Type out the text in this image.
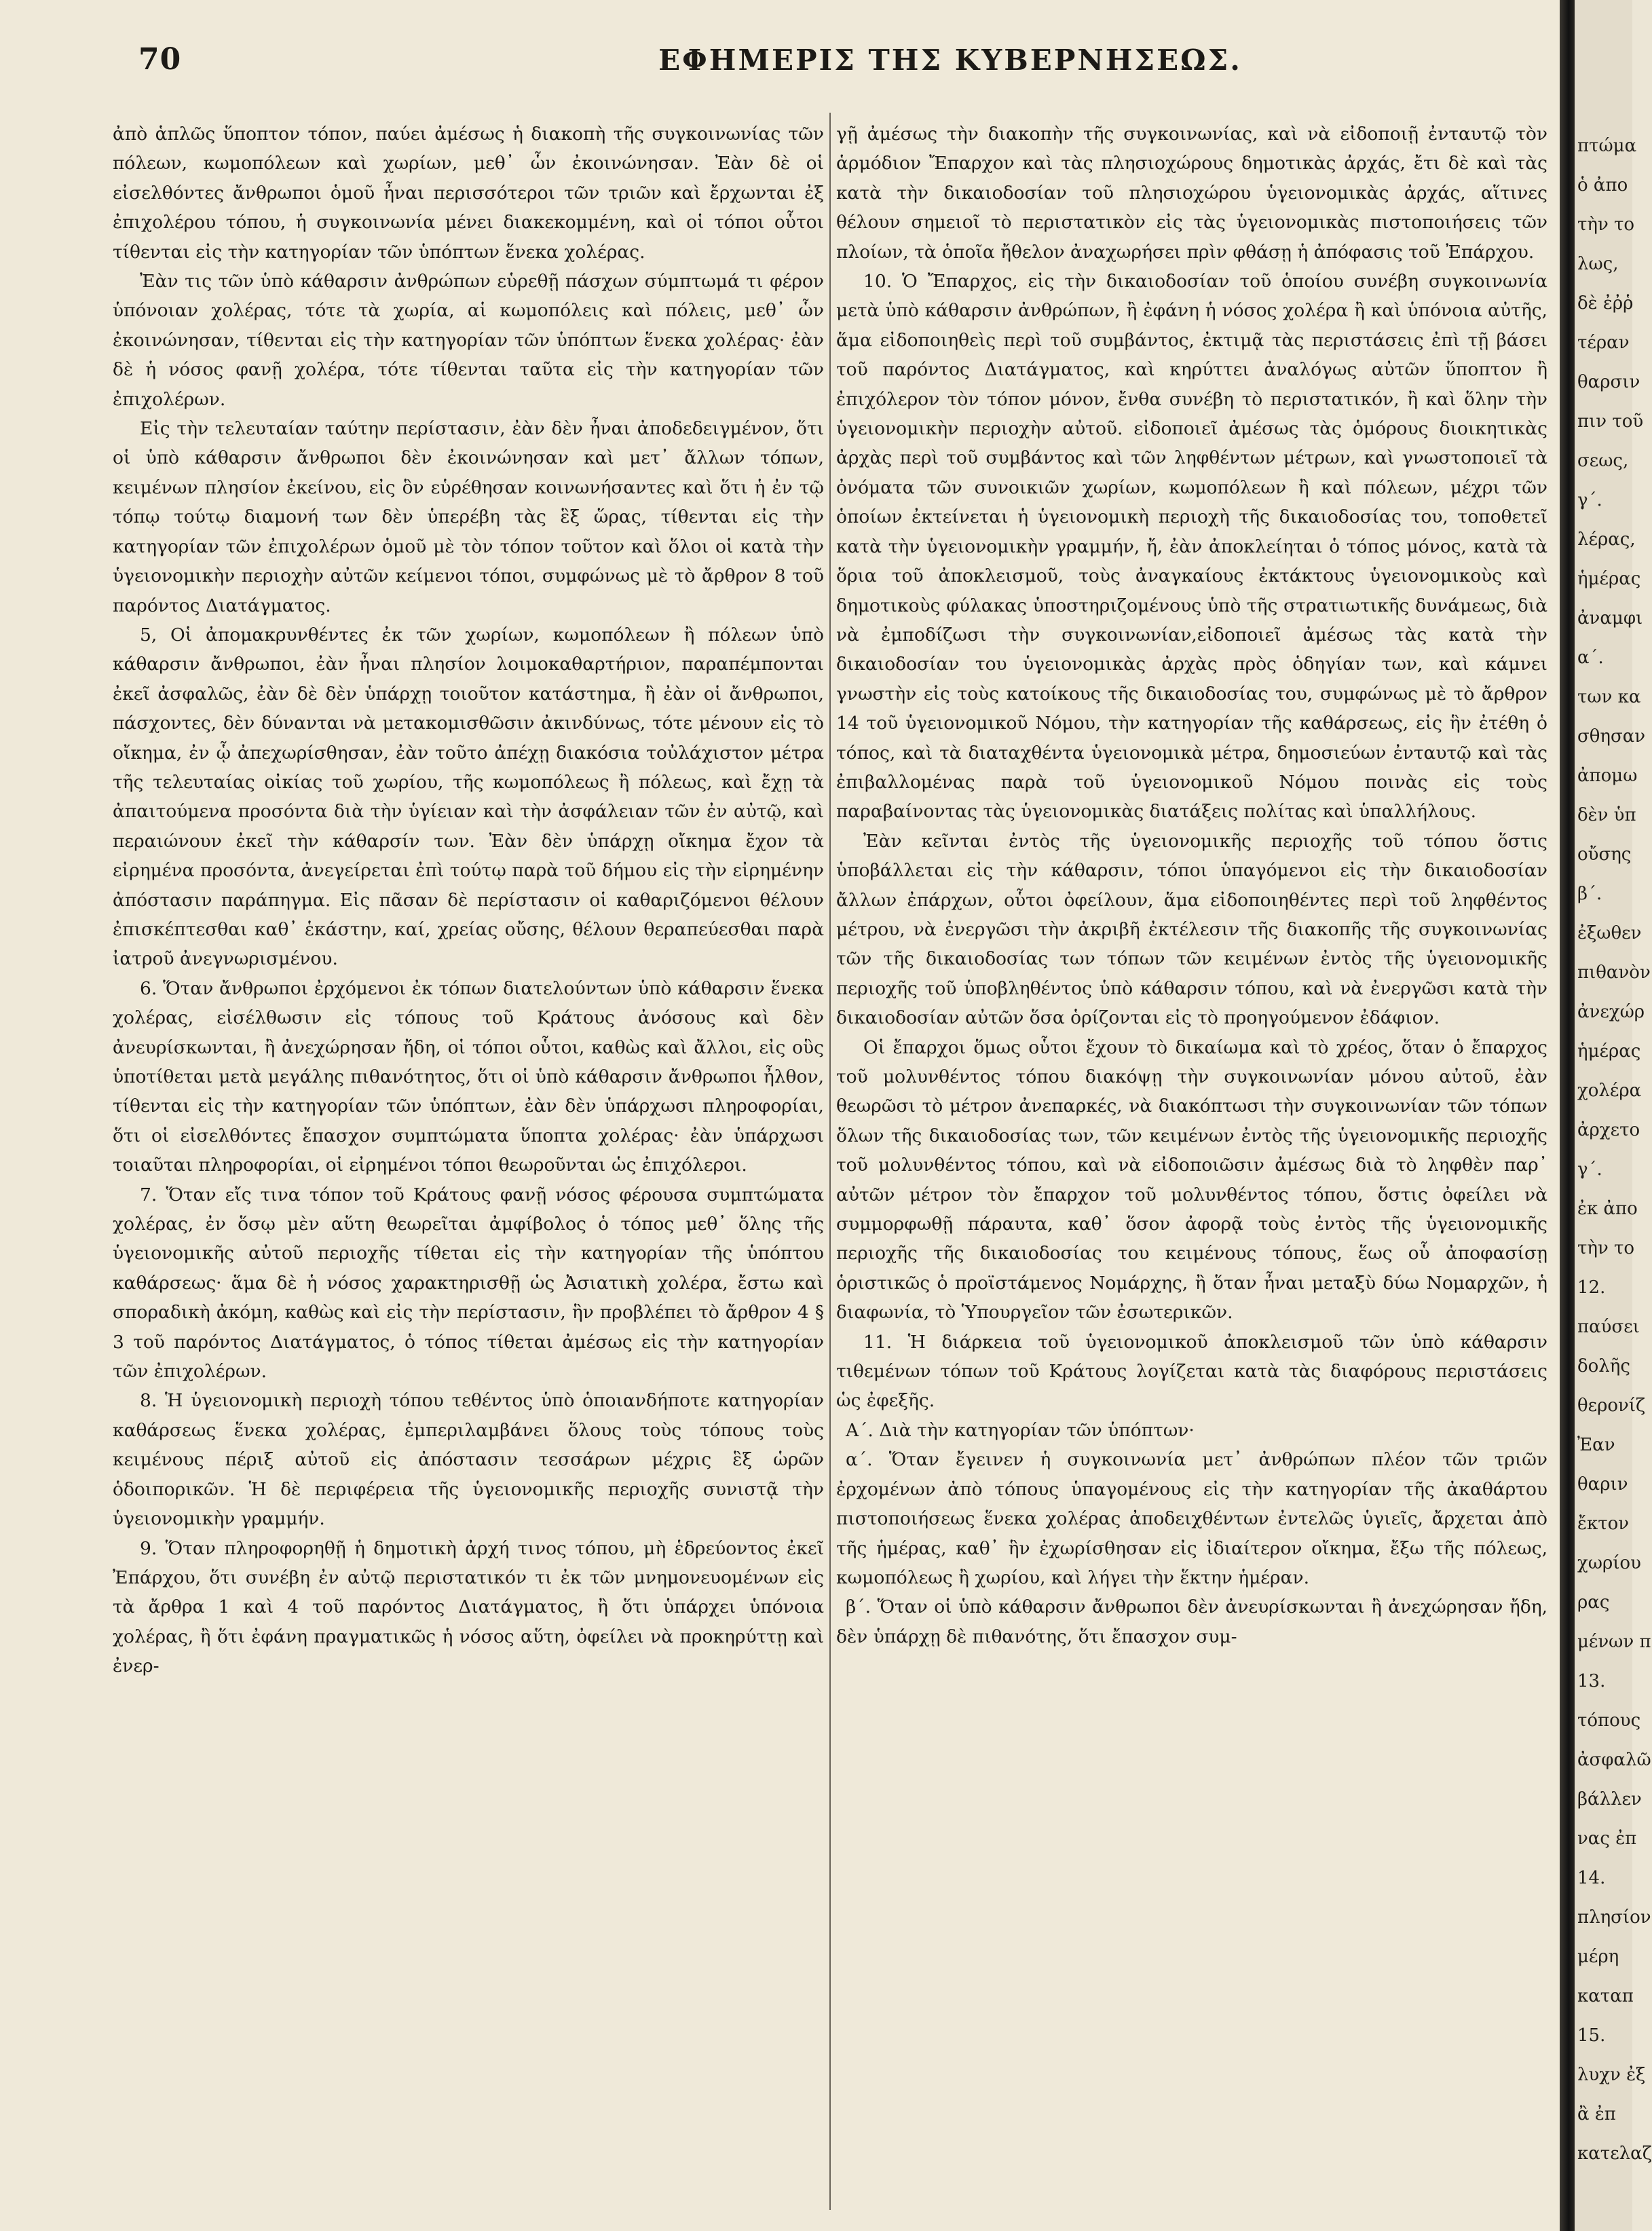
70	ΕΦΗΜΕΡΙΣ ΤΗΣ ΚΥΒΕΡΝΗΣΕΩΣ.

ἀπὸ ἁπλῶς ὕποπτον τόπον, παύει ἀμέσως ἡ διακοπὴ τῆς συγκοινωνίας τῶν πόλεων, κωμοπόλεων καὶ χωρίων, μεθ᾽ ὧν ἐκοινώνησαν. Ἐὰν δὲ οἱ εἰσελθόντες ἄνθρωποι ὁμοῦ ἦναι περισσότεροι τῶν τριῶν καὶ ἔρχωνται ἐξ ἐπιχολέρου τόπου, ἡ συγκοινωνία μένει διακεκομμένη, καὶ οἱ τόποι οὗτοι τίθενται εἰς τὴν κατηγορίαν τῶν ὑπόπτων ἕνεκα χολέρας.

Ἐὰν τις τῶν ὑπὸ κάθαρσιν ἀνθρώπων εὑρεθῇ πάσχων σύμπτωμά τι φέρον ὑπόνοιαν χολέρας, τότε τὰ χωρία, αἱ κωμοπόλεις καὶ πόλεις, μεθ᾽ ὧν ἐκοινώνησαν, τίθενται εἰς τὴν κατηγορίαν τῶν ὑπόπτων ἕνεκα χολέρας· ἐὰν δὲ ἡ νόσος φανῇ χολέρα, τότε τίθενται ταῦτα εἰς τὴν κατηγορίαν τῶν ἐπιχολέρων.

Εἰς τὴν τελευταίαν ταύτην περίστασιν, ἐὰν δὲν ἦναι ἀποδεδειγμένον, ὅτι οἱ ὑπὸ κάθαρσιν ἄνθρωποι δὲν ἐκοινώνησαν καὶ μετ᾽ ἄλλων τόπων, κειμένων πλησίον ἐκείνου, εἰς ὃν εὑρέθησαν κοινωνήσαντες καὶ ὅτι ἡ ἐν τῷ τόπῳ τούτῳ διαμονή των δὲν ὑπερέβη τὰς ἓξ ὥρας, τίθενται εἰς τὴν κατηγορίαν τῶν ἐπιχολέρων ὁμοῦ μὲ τὸν τόπον τοῦτον καὶ ὅλοι οἱ κατὰ τὴν ὑγειονομικὴν περιοχὴν αὐτῶν κείμενοι τόποι, συμφώνως μὲ τὸ ἄρθρον 8 τοῦ παρόντος Διατάγματος.

5, Οἱ ἀπομακρυνθέντες ἐκ τῶν χωρίων, κωμοπόλεων ἢ πόλεων ὑπὸ κάθαρσιν ἄνθρωποι, ἐὰν ἦναι πλησίον λοιμοκαθαρτήριον, παραπέμπονται ἐκεῖ ἀσφαλῶς, ἐὰν δὲ δὲν ὑπάρχῃ τοιοῦτον κατάστημα, ἢ ἐὰν οἱ ἄνθρωποι, πάσχοντες, δὲν δύνανται νὰ μετακομισθῶσιν ἀκινδύνως, τότε μένουν εἰς τὸ οἴκημα, ἐν ᾧ ἀπεχωρίσθησαν, ἐὰν τοῦτο ἀπέχῃ διακόσια τοὐλάχιστον μέτρα τῆς τελευταίας οἰκίας τοῦ χωρίου, τῆς κωμοπόλεως ἢ πόλεως, καὶ ἔχῃ τὰ ἀπαιτούμενα προσόντα διὰ τὴν ὑγίειαν καὶ τὴν ἀσφάλειαν τῶν ἐν αὐτῷ, καὶ περαιώνουν ἐκεῖ τὴν κάθαρσίν των. Ἐὰν δὲν ὑπάρχῃ οἴκημα ἔχον τὰ εἰρημένα προσόντα, ἀνεγείρεται ἐπὶ τούτῳ παρὰ τοῦ δήμου εἰς τὴν εἰρημένην ἀπόστασιν παράπηγμα. Εἰς πᾶσαν δὲ περίστασιν οἱ καθαριζόμενοι θέλουν ἐπισκέπτεσθαι καθ᾽ ἑκάστην, καί, χρείας οὔσης, θέλουν θεραπεύεσθαι παρὰ ἰατροῦ ἀνεγνωρισμένου.

6. Ὅταν ἄνθρωποι ἐρχόμενοι ἐκ τόπων διατελούντων ὑπὸ κάθαρσιν ἕνεκα χολέρας, εἰσέλθωσιν εἰς τόπους τοῦ Κράτους ἀνόσους καὶ δὲν ἀνευρίσκωνται, ἢ ἀνεχώρησαν ἤδη, οἱ τόποι οὗτοι, καθὼς καὶ ἄλλοι, εἰς οὓς ὑποτίθεται μετὰ μεγάλης πιθανότητος, ὅτι οἱ ὑπὸ κάθαρσιν ἄνθρωποι ἦλθον, τίθενται εἰς τὴν κατηγορίαν τῶν ὑπόπτων, ἐὰν δὲν ὑπάρχωσι πληροφορίαι, ὅτι οἱ εἰσελθόντες ἔπασχον συμπτώματα ὕποπτα χολέρας· ἐὰν ὑπάρχωσι τοιαῦται πληροφορίαι, οἱ εἰρημένοι τόποι θεωροῦνται ὡς ἐπιχόλεροι.

7. Ὅταν εἴς τινα τόπον τοῦ Κράτους φανῇ νόσος φέρουσα συμπτώματα χολέρας, ἐν ὅσῳ μὲν αὕτη θεωρεῖται ἀμφίβολος ὁ τόπος μεθ᾽ ὅλης τῆς ὑγειονομικῆς αὐτοῦ περιοχῆς τίθεται εἰς τὴν κατηγορίαν τῆς ὑπόπτου καθάρσεως· ἅμα δὲ ἡ νόσος χαρακτηρισθῇ ὡς Ἀσιατικὴ χολέρα, ἔστω καὶ σποραδικὴ ἀκόμη, καθὼς καὶ εἰς τὴν περίστασιν, ἣν προβλέπει τὸ ἄρθρον 4 § 3 τοῦ παρόντος Διατάγματος, ὁ τόπος τίθεται ἀμέσως εἰς τὴν κατηγορίαν τῶν ἐπιχολέρων.

8. Ἡ ὑγειονομικὴ περιοχὴ τόπου τεθέντος ὑπὸ ὁποιανδήποτε κατηγορίαν καθάρσεως ἕνεκα χολέρας, ἐμπεριλαμβάνει ὅλους τοὺς τόπους τοὺς κειμένους πέριξ αὐτοῦ εἰς ἀπόστασιν τεσσάρων μέχρις ἓξ ὡρῶν ὁδοιπορικῶν. Ἡ δὲ περιφέρεια τῆς ὑγειονομικῆς περιοχῆς συνιστᾷ τὴν ὑγειονομικὴν γραμμήν.

9. Ὅταν πληροφορηθῇ ἡ δημοτικὴ ἀρχή τινος τόπου, μὴ ἑδρεύοντος ἐκεῖ Ἐπάρχου, ὅτι συνέβη ἐν αὐτῷ περιστατικόν τι ἐκ τῶν μνημονευομένων εἰς τὰ ἄρθρα 1 καὶ 4 τοῦ παρόντος Διατάγματος, ἢ ὅτι ὑπάρχει ὑπόνοια χολέρας, ἢ ὅτι ἐφάνη πραγματικῶς ἡ νόσος αὕτη, ὀφείλει νὰ προκηρύττῃ καὶ ἐνερ-

γῇ ἀμέσως τὴν διακοπὴν τῆς συγκοινωνίας, καὶ νὰ εἰδοποιῇ ἐνταυτῷ τὸν ἁρμόδιον Ἔπαρχον καὶ τὰς πλησιοχώρους δημοτικὰς ἀρχάς, ἔτι δὲ καὶ τὰς κατὰ τὴν δικαιοδοσίαν τοῦ πλησιοχώρου ὑγειονομικὰς ἀρχάς, αἵτινες θέλουν σημειοῖ τὸ περιστατικὸν εἰς τὰς ὑγειονομικὰς πιστοποιήσεις τῶν πλοίων, τὰ ὁποῖα ἤθελον ἀναχωρήσει πρὶν φθάσῃ ἡ ἀπόφασις τοῦ Ἐπάρχου.

10. Ὁ Ἔπαρχος, εἰς τὴν δικαιοδοσίαν τοῦ ὁποίου συνέβη συγκοινωνία μετὰ ὑπὸ κάθαρσιν ἀνθρώπων, ἢ ἐφάνη ἡ νόσος χολέρα ἢ καὶ ὑπόνοια αὐτῆς, ἅμα εἰδοποιηθεὶς περὶ τοῦ συμβάντος, ἐκτιμᾷ τὰς περιστάσεις ἐπὶ τῇ βάσει τοῦ παρόντος Διατάγματος, καὶ κηρύττει ἀναλόγως αὐτῶν ὕποπτον ἢ ἐπιχόλερον τὸν τόπον μόνον, ἔνθα συνέβη τὸ περιστατικόν, ἢ καὶ ὅλην τὴν ὑγειονομικὴν περιοχὴν αὐτοῦ. εἰδοποιεῖ ἀμέσως τὰς ὁμόρους διοικητικὰς ἀρχὰς περὶ τοῦ συμβάντος καὶ τῶν ληφθέντων μέτρων, καὶ γνωστοποιεῖ τὰ ὀνόματα τῶν συνοικιῶν χωρίων, κωμοπόλεων ἢ καὶ πόλεων, μέχρι τῶν ὁποίων ἐκτείνεται ἡ ὑγειονομικὴ περιοχὴ τῆς δικαιοδοσίας του, τοποθετεῖ κατὰ τὴν ὑγειονομικὴν γραμμήν, ἤ, ἐὰν ἀποκλείηται ὁ τόπος μόνος, κατὰ τὰ ὅρια τοῦ ἀποκλεισμοῦ, τοὺς ἀναγκαίους ἐκτάκτους ὑγειονομικοὺς καὶ δημοτικοὺς φύλακας ὑποστηριζομένους ὑπὸ τῆς στρατιωτικῆς δυνάμεως, διὰ νὰ ἐμποδίζωσι τὴν συγκοινωνίαν,εἰδοποιεῖ ἀμέσως τὰς κατὰ τὴν δικαιοδοσίαν του ὑγειονομικὰς ἀρχὰς πρὸς ὁδηγίαν των, καὶ κάμνει γνωστὴν εἰς τοὺς κατοίκους τῆς δικαιοδοσίας του, συμφώνως μὲ τὸ ἄρθρον 14 τοῦ ὑγειονομικοῦ Νόμου, τὴν κατηγορίαν τῆς καθάρσεως, εἰς ἣν ἐτέθη ὁ τόπος, καὶ τὰ διαταχθέντα ὑγειονομικὰ μέτρα, δημοσιεύων ἐνταυτῷ καὶ τὰς ἐπιβαλλομένας παρὰ τοῦ ὑγειονομικοῦ Νόμου ποινὰς εἰς τοὺς παραβαίνοντας τὰς ὑγειονομικὰς διατάξεις πολίτας καὶ ὑπαλλήλους.

Ἐὰν κεῖνται ἐντὸς τῆς ὑγειονομικῆς περιοχῆς τοῦ τόπου ὅστις ὑποβάλλεται εἰς τὴν κάθαρσιν, τόποι ὑπαγόμενοι εἰς τὴν δικαιοδοσίαν ἄλλων ἐπάρχων, οὗτοι ὀφείλουν, ἅμα εἰδοποιηθέντες περὶ τοῦ ληφθέντος μέτρου, νὰ ἐνεργῶσι τὴν ἀκριβῆ ἐκτέλεσιν τῆς διακοπῆς τῆς συγκοινωνίας τῶν τῆς δικαιοδοσίας των τόπων τῶν κειμένων ἐντὸς τῆς ὑγειονομικῆς περιοχῆς τοῦ ὑποβληθέντος ὑπὸ κάθαρσιν τόπου, καὶ νὰ ἐνεργῶσι κατὰ τὴν δικαιοδοσίαν αὐτῶν ὅσα ὁρίζονται εἰς τὸ προηγούμενον ἐδάφιον.

Οἱ ἔπαρχοι ὅμως οὗτοι ἔχουν τὸ δικαίωμα καὶ τὸ χρέος, ὅταν ὁ ἔπαρχος τοῦ μολυνθέντος τόπου διακόψῃ τὴν συγκοινωνίαν μόνου αὐτοῦ, ἐὰν θεωρῶσι τὸ μέτρον ἀνεπαρκές, νὰ διακόπτωσι τὴν συγκοινωνίαν τῶν τόπων ὅλων τῆς δικαιοδοσίας των, τῶν κειμένων ἐντὸς τῆς ὑγειονομικῆς περιοχῆς τοῦ μολυνθέντος τόπου, καὶ νὰ εἰδοποιῶσιν ἀμέσως διὰ τὸ ληφθὲν παρ᾽ αὐτῶν μέτρον τὸν ἔπαρχον τοῦ μολυνθέντος τόπου, ὅστις ὀφείλει νὰ συμμορφωθῇ πάραυτα, καθ᾽ ὅσον ἀφορᾷ τοὺς ἐντὸς τῆς ὑγειονομικῆς περιοχῆς τῆς δικαιοδοσίας του κειμένους τόπους, ἕως οὗ ἀποφασίσῃ ὁριστικῶς ὁ προϊστάμενος Νομάρχης, ἢ ὅταν ἦναι μεταξὺ δύω Νομαρχῶν, ἡ διαφωνία, τὸ Ὑπουργεῖον τῶν ἐσωτερικῶν.

11. Ἡ διάρκεια τοῦ ὑγειονομικοῦ ἀποκλεισμοῦ τῶν ὑπὸ κάθαρσιν τιθεμένων τόπων τοῦ Κράτους λογίζεται κατὰ τὰς διαφόρους περιστάσεις ὡς ἐφεξῆς.

Α΄. Διὰ τὴν κατηγορίαν τῶν ὑπόπτων·

α΄. Ὅταν ἔγεινεν ἡ συγκοινωνία μετ᾽ ἀνθρώπων πλέον τῶν τριῶν ἐρχομένων ἀπὸ τόπους ὑπαγομένους εἰς τὴν κατηγορίαν τῆς ἀκαθάρτου πιστοποιήσεως ἕνεκα χολέρας ἀποδειχθέντων ἐντελῶς ὑγιεῖς, ἄρχεται ἀπὸ τῆς ἡμέρας, καθ᾽ ἣν ἐχωρίσθησαν εἰς ἰδιαίτερον οἴκημα, ἔξω τῆς πόλεως, κωμοπόλεως ἢ χωρίου, καὶ λήγει τὴν ἕκτην ἡμέραν.

β΄. Ὅταν οἱ ὑπὸ κάθαρσιν ἄνθρωποι δὲν ἀνευρίσκωνται ἢ ἀνεχώρησαν ἤδη, δὲν ὑπάρχῃ δὲ πιθανότης, ὅτι ἔπασχον συμ-

πτώμα
ὁ ἀπο
τὴν το
λως,
δὲ ἐῤῥ
τέραν
θαρσιν
πιν τοῦ
σεως,
γ΄.
λέρας,
ἡμέρας
ἀναμφι
α΄.
των κα
σθησαν
ἀπομω
δὲν ὑπ
οὔσης
β΄.
ἐξωθεν
πιθανὸν
ἀνεχώρ
ἡμέρας
χολέρα
ἀρχετο
γ΄.
ἐκ ἀπο
τὴν το
12.
παύσει
δολῆς
θερονίζ
Ἐαν
θαριν
ἔκτον
χωρίου
ρας
μένων π
13.
τόπους
ἀσφαλῶ
βάλλεν
νας ἐπ
14.
πλησίον
μέρη
καταπ
15.
λυχν ἐξ
ἂ ἐπ
κατελαζ
